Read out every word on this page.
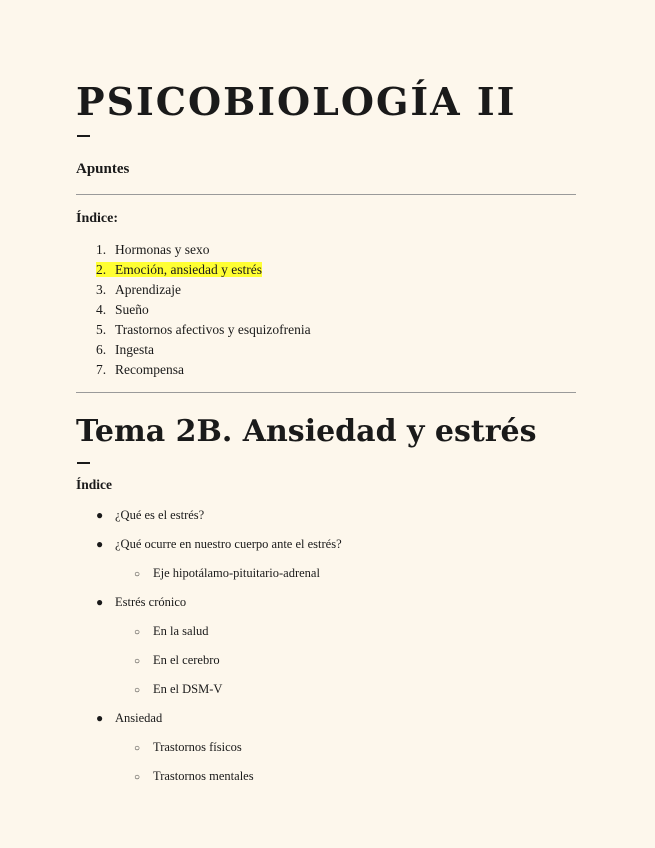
PSICOBIOLOGÍA II

Apuntes

Índice:

1. Hormonas y sexo
2. Emoción, ansiedad y estrés
3. Aprendizaje
4. Sueño
5. Trastornos afectivos y esquizofrenia
6. Ingesta
7. Recompensa
Tema 2B. Ansiedad y estrés

Índice

● ¿Qué es el estrés?
● ¿Qué ocurre en nuestro cuerpo ante el estrés?
○ Eje hipotálamo-pituitario-adrenal
● Estrés crónico
○ En la salud
○ En el cerebro
○ En el DSM-V
● Ansiedad
○ Trastornos físicos
○ Trastornos mentales
